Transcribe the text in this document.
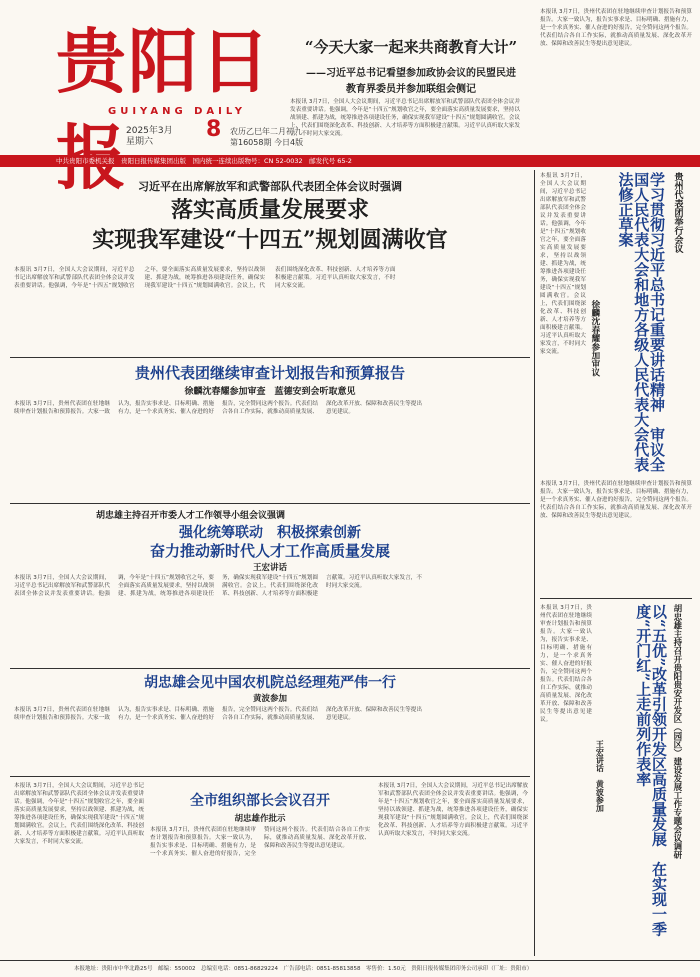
贵阳日报
GUIYANG DAILY
2025年3月
星期六	8 农历乙巳年二月初九
第16058期 今日4版
“今天大家一起来共商教育大计”
——习近平总书记看望参加政协会议的民盟民进
教育界委员并参加联组会侧记
本报讯 3月7日，全国人大会议期间，习近平总书记出席解放军和武警部队代表团全体会议并发表重要讲话。他强调，今年是“十四五”规划收官之年，要全面落实高质量发展要求，坚持以战领建、抓建为战，统筹推进各项建设任务，确保实现我军建设“十四五”规划圆满收官。会议上，代表们围绕深化改革、科技创新、人才培养等方面积极建言献策。习近平认真听取大家发言，不时同大家交流。
本报讯 3月7日，贵州代表团在驻地继续审查计划报告和预算报告。大家一致认为，报告实事求是、目标明确、措施有力，是一个求真务实、催人奋进的好报告，完全赞同这两个报告。代表们结合各自工作实际，就推动高质量发展、深化改革开放、保障和改善民生等提出意见建议。
中共贵阳市委机关报　贵阳日报传媒集团出版　国内统一连续出版物号：CN 52-0032　邮发代号 65-2
习近平在出席解放军和武警部队代表团全体会议时强调
落实高质量发展要求
实现我军建设“十四五”规划圆满收官
本报讯 3月7日，全国人大会议期间，习近平总书记出席解放军和武警部队代表团全体会议并发表重要讲话。他强调，今年是“十四五”规划收官之年，要全面落实高质量发展要求，坚持以战领建、抓建为战，统筹推进各项建设任务，确保实现我军建设“十四五”规划圆满收官。会议上，代表们围绕深化改革、科技创新、人才培养等方面积极建言献策。习近平认真听取大家发言，不时同大家交流。
贵州代表团继续审查计划报告和预算报告
徐麟沈春耀参加审查　蓝德安到会听取意见
本报讯 3月7日，贵州代表团在驻地继续审查计划报告和预算报告。大家一致认为，报告实事求是、目标明确、措施有力，是一个求真务实、催人奋进的好报告，完全赞同这两个报告。代表们结合各自工作实际，就推动高质量发展、深化改革开放、保障和改善民生等提出意见建议。
胡忠雄主持召开市委人才工作领导小组会议强调
强化统筹联动　积极探索创新
奋力推动新时代人才工作高质量发展
王宏讲话
本报讯 3月7日，全国人大会议期间，习近平总书记出席解放军和武警部队代表团全体会议并发表重要讲话。他强调，今年是“十四五”规划收官之年，要全面落实高质量发展要求，坚持以战领建、抓建为战，统筹推进各项建设任务，确保实现我军建设“十四五”规划圆满收官。会议上，代表们围绕深化改革、科技创新、人才培养等方面积极建言献策。习近平认真听取大家发言，不时同大家交流。
胡忠雄会见中国农机院总经理苑严伟一行
黄波参加
本报讯 3月7日，贵州代表团在驻地继续审查计划报告和预算报告。大家一致认为，报告实事求是、目标明确、措施有力，是一个求真务实、催人奋进的好报告，完全赞同这两个报告。代表们结合各自工作实际，就推动高质量发展、深化改革开放、保障和改善民生等提出意见建议。
本报讯 3月7日，全国人大会议期间，习近平总书记出席解放军和武警部队代表团全体会议并发表重要讲话。他强调，今年是“十四五”规划收官之年，要全面落实高质量发展要求，坚持以战领建、抓建为战，统筹推进各项建设任务，确保实现我军建设“十四五”规划圆满收官。会议上，代表们围绕深化改革、科技创新、人才培养等方面积极建言献策。习近平认真听取大家发言，不时同大家交流。
全市组织部长会议召开
胡忠雄作批示
本报讯 3月7日，贵州代表团在驻地继续审查计划报告和预算报告。大家一致认为，报告实事求是、目标明确、措施有力，是一个求真务实、催人奋进的好报告，完全赞同这两个报告。代表们结合各自工作实际，就推动高质量发展、深化改革开放、保障和改善民生等提出意见建议。
本报讯 3月7日，全国人大会议期间，习近平总书记出席解放军和武警部队代表团全体会议并发表重要讲话。他强调，今年是“十四五”规划收官之年，要全面落实高质量发展要求，坚持以战领建、抓建为战，统筹推进各项建设任务，确保实现我军建设“十四五”规划圆满收官。会议上，代表们围绕深化改革、科技创新、人才培养等方面积极建言献策。习近平认真听取大家发言，不时同大家交流。
贵州代表团举行会议
学习贯彻习近平总书记重要讲话精神　审议全国人民代表大会和地方各级人民代表大会代表法修正草案
徐麟沈春耀参加审议
本报讯 3月7日，贵州代表团在驻地继续审查计划报告和预算报告。大家一致认为，报告实事求是、目标明确、措施有力，是一个求真务实、催人奋进的好报告，完全赞同这两个报告。代表们结合各自工作实际，就推动高质量发展、深化改革开放、保障和改善民生等提出意见建议。
本报讯 3月7日，全国人大会议期间，习近平总书记出席解放军和武警部队代表团全体会议并发表重要讲话。他强调，今年是“十四五”规划收官之年，要全面落实高质量发展要求，坚持以战领建、抓建为战，统筹推进各项建设任务，确保实现我军建设“十四五”规划圆满收官。会议上，代表们围绕深化改革、科技创新、人才培养等方面积极建言献策。习近平认真听取大家发言，不时同大家交流。
胡忠雄主持召开贵阳贵安开发区（园区）建设发展工作专题会议调研
以“五优”改革引领开发区高质量发展　在实现一季度“开门红”上走前列作表率
王宏讲话　黄波参加
本报讯 3月7日，贵州代表团在驻地继续审查计划报告和预算报告。大家一致认为，报告实事求是、目标明确、措施有力，是一个求真务实、催人奋进的好报告，完全赞同这两个报告。代表们结合各自工作实际，就推动高质量发展、深化改革开放、保障和改善民生等提出意见建议。
本报地址：贵阳市中华北路25号　邮编：550002　总编室电话：0851-86829224　广告部电话：0851-85813858　零售价：1.50元　贵阳日报传媒集团印务公司承印（厂址：贵阳市）
